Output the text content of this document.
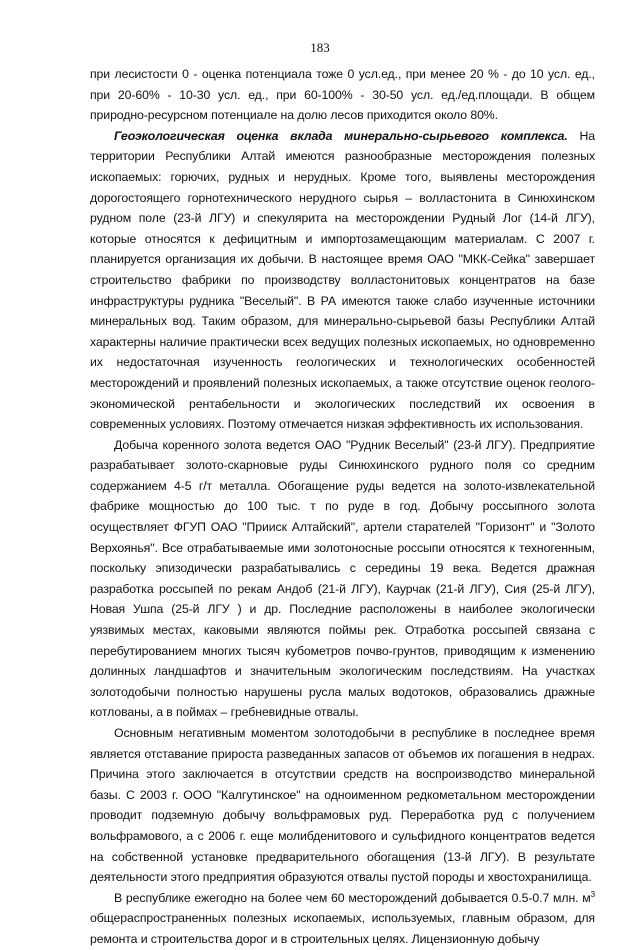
183

при лесистости 0 - оценка потенциала тоже 0 усл.ед., при менее 20 % - до 10 усл. ед., при 20-60% - 10-30 усл. ед., при 60-100% - 30-50 усл. ед./ед.площади. В общем природно-ресурсном потенциале на долю лесов приходится около 80%.

Геоэкологическая оценка вклада минерально-сырьевого комплекса. На территории Республики Алтай имеются разнообразные месторождения полезных ископаемых: горючих, рудных и нерудных. Кроме того, выявлены месторождения дорогостоящего горнотехнического нерудного сырья – волластонита в Синюхинском рудном поле (23-й ЛГУ) и спекулярита на месторождении Рудный Лог (14-й ЛГУ), которые относятся к дефицитным и импортозамещающим материалам. С 2007 г. планируется организация их добычи. В настоящее время ОАО "МКК-Сейка" завершает строительство фабрики по производству волластонитовых концентратов на базе инфраструктуры рудника "Веселый". В РА имеются также слабо изученные источники минеральных вод. Таким образом, для минерально-сырьевой базы Республики Алтай характерны наличие практически всех ведущих полезных ископаемых, но одновременно их недостаточная изученность геологических и технологических особенностей месторождений и проявлений полезных ископаемых, а также отсутствие оценок геолого-экономической рентабельности и экологических последствий их освоения в современных условиях. Поэтому отмечается низкая эффективность их использования.

Добыча коренного золота ведется ОАО "Рудник Веселый" (23-й ЛГУ). Предприятие разрабатывает золото-скарновые руды Синюхинского рудного поля со средним содержанием 4-5 г/т металла. Обогащение руды ведется на золото-извлекательной фабрике мощностью до 100 тыс. т по руде в год. Добычу россыпного золота осуществляет ФГУП ОАО "Прииск Алтайский", артели старателей "Горизонт" и "Золото Верхоянья". Все отрабатываемые ими золотоносные россыпи относятся к техногенным, поскольку эпизодически разрабатывались с середины 19 века. Ведется дражная разработка россыпей по рекам Андоб (21-й ЛГУ), Каурчак (21-й ЛГУ), Сия (25-й ЛГУ), Новая Ушпа (25-й ЛГУ ) и др. Последние расположены в наиболее экологически уязвимых местах, каковыми являются поймы рек. Отработка россыпей связана с перебутированием многих тысяч кубометров почво-грунтов, приводящим к изменению долинных ландшафтов и значительным экологическим последствиям. На участках золотодобычи полностью нарушены русла малых водотоков, образовались дражные котлованы, а в поймах – гребневидные отвалы.

Основным негативным моментом золотодобычи в республике в последнее время является отставание прироста разведанных запасов от объемов их погашения в недрах. Причина этого заключается в отсутствии средств на воспроизводство минеральной базы. С 2003 г. ООО "Калгутинское" на одноименном редкометальном месторождении проводит подземную добычу вольфрамовых руд. Переработка руд с получением вольфрамового, а с 2006 г. еще молибденитового и сульфидного концентратов ведется на собственной установке предварительного обогащения (13-й ЛГУ). В результате деятельности этого предприятия образуются отвалы пустой породы и хвостохранилища.

В республике ежегодно на более чем 60 месторождений добывается 0.5-0.7 млн. $м^3$ общераспространенных полезных ископаемых, используемых, главным образом, для ремонта и строительства дорог и в строительных целях. Лицензионную добычу
